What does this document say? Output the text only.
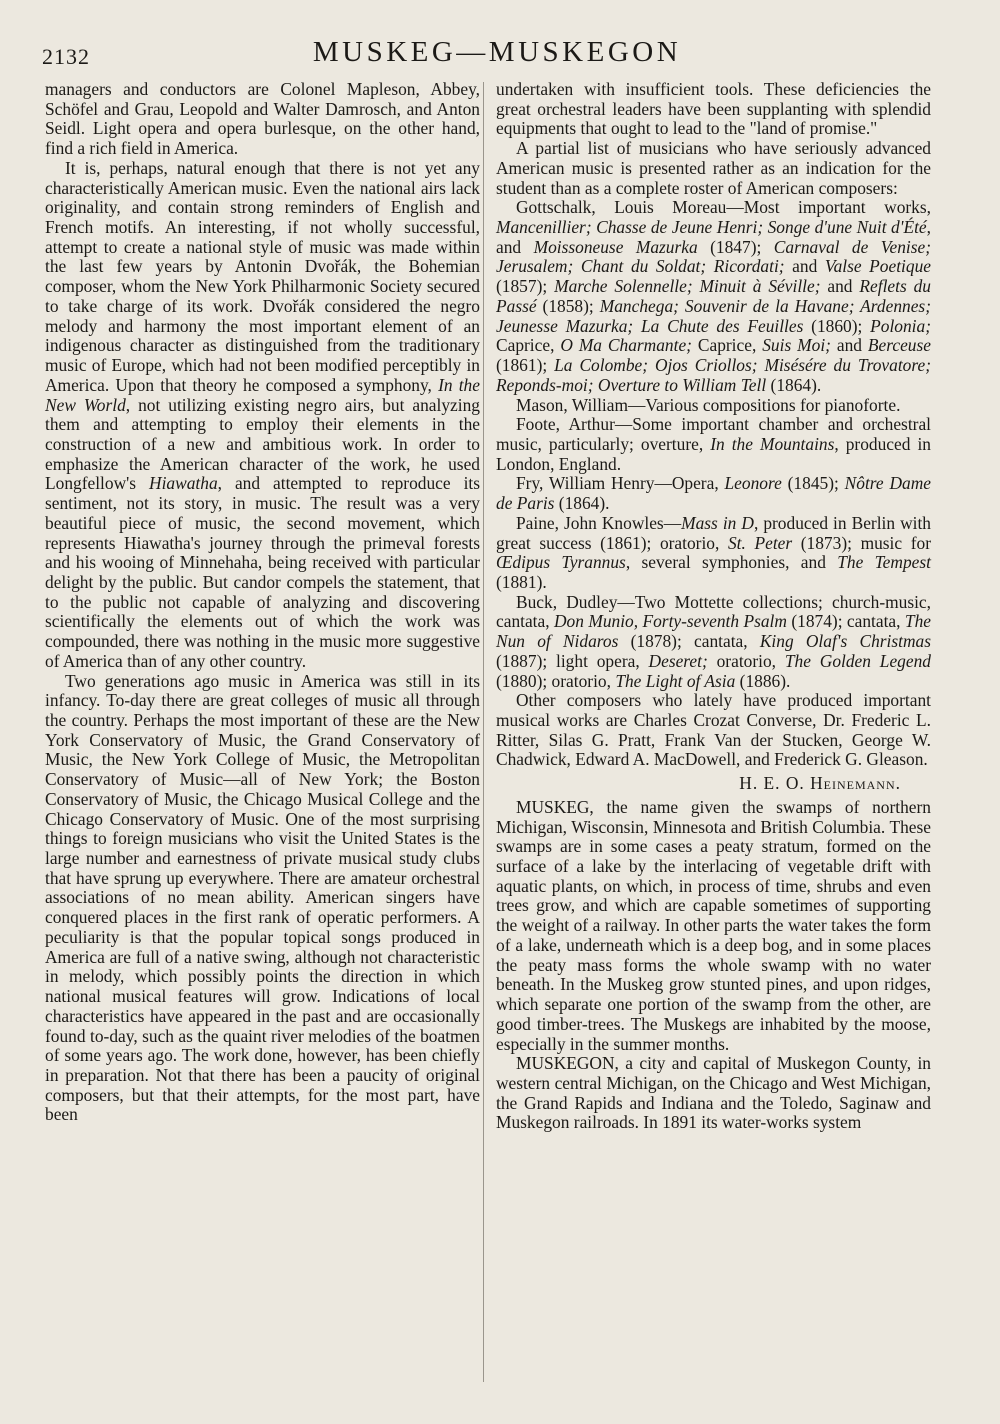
2132	MUSKEG—MUSKEGON

managers and conductors are Colonel Mapleson, Abbey, Schöfel and Grau, Leopold and Walter Damrosch, and Anton Seidl. Light opera and opera burlesque, on the other hand, find a rich field in America.

It is, perhaps, natural enough that there is not yet any characteristically American music. Even the national airs lack originality, and contain strong reminders of English and French motifs. An interesting, if not wholly successful, attempt to create a national style of music was made within the last few years by Antonin Dvořák, the Bohemian composer, whom the New York Philharmonic Society secured to take charge of its work. Dvořák considered the negro melody and harmony the most important element of an indigenous character as distinguished from the traditionary music of Europe, which had not been modified perceptibly in America. Upon that theory he composed a symphony, In the New World, not utilizing existing negro airs, but analyzing them and attempting to employ their elements in the construction of a new and ambitious work. In order to emphasize the American character of the work, he used Longfellow's Hiawatha, and attempted to reproduce its sentiment, not its story, in music. The result was a very beautiful piece of music, the second movement, which represents Hiawatha's journey through the primeval forests and his wooing of Minnehaha, being received with particular delight by the public. But candor compels the statement, that to the public not capable of analyzing and discovering scientifically the elements out of which the work was compounded, there was nothing in the music more suggestive of America than of any other country.

Two generations ago music in America was still in its infancy. To-day there are great colleges of music all through the country. Perhaps the most important of these are the New York Conservatory of Music, the Grand Conservatory of Music, the New York College of Music, the Metropolitan Conservatory of Music—all of New York; the Boston Conservatory of Music, the Chicago Musical College and the Chicago Conservatory of Music. One of the most surprising things to foreign musicians who visit the United States is the large number and earnestness of private musical study clubs that have sprung up everywhere. There are amateur orchestral associations of no mean ability. American singers have conquered places in the first rank of operatic performers. A peculiarity is that the popular topical songs produced in America are full of a native swing, although not characteristic in melody, which possibly points the direction in which national musical features will grow. Indications of local characteristics have appeared in the past and are occasionally found to-day, such as the quaint river melodies of the boatmen of some years ago. The work done, however, has been chiefly in preparation. Not that there has been a paucity of original composers, but that their attempts, for the most part, have been

undertaken with insufficient tools. These deficiencies the great orchestral leaders have been supplanting with splendid equipments that ought to lead to the "land of promise."

A partial list of musicians who have seriously advanced American music is presented rather as an indication for the student than as a complete roster of American composers:

Gottschalk, Louis Moreau—Most important works, Mancenillier; Chasse de Jeune Henri; Songe d'une Nuit d'Été, and Moissoneuse Mazurka (1847); Carnaval de Venise; Jerusalem; Chant du Soldat; Ricordati; and Valse Poetique (1857); Marche Solennelle; Minuit à Séville; and Reflets du Passé (1858); Manchega; Souvenir de la Havane; Ardennes; Jeunesse Mazurka; La Chute des Feuilles (1860); Polonia; Caprice, O Ma Charmante; Caprice, Suis Moi; and Berceuse (1861); La Colombe; Ojos Criollos; Misésére du Trovatore; Reponds-moi; Overture to William Tell (1864).

Mason, William—Various compositions for pianoforte.

Foote, Arthur—Some important chamber and orchestral music, particularly; overture, In the Mountains, produced in London, England.

Fry, William Henry—Opera, Leonore (1845); Nôtre Dame de Paris (1864).

Paine, John Knowles—Mass in D, produced in Berlin with great success (1861); oratorio, St. Peter (1873); music for Œdipus Tyrannus, several symphonies, and The Tempest (1881).

Buck, Dudley—Two Mottette collections; church-music, cantata, Don Munio, Forty-seventh Psalm (1874); cantata, The Nun of Nidaros (1878); cantata, King Olaf's Christmas (1887); light opera, Deseret; oratorio, The Golden Legend (1880); oratorio, The Light of Asia (1886).

Other composers who lately have produced important musical works are Charles Crozat Converse, Dr. Frederic L. Ritter, Silas G. Pratt, Frank Van der Stucken, George W. Chadwick, Edward A. MacDowell, and Frederick G. Gleason.

H. E. O. Heinemann.

MUSKEG, the name given the swamps of northern Michigan, Wisconsin, Minnesota and British Columbia. These swamps are in some cases a peaty stratum, formed on the surface of a lake by the interlacing of vegetable drift with aquatic plants, on which, in process of time, shrubs and even trees grow, and which are capable sometimes of supporting the weight of a railway. In other parts the water takes the form of a lake, underneath which is a deep bog, and in some places the peaty mass forms the whole swamp with no water beneath. In the Muskeg grow stunted pines, and upon ridges, which separate one portion of the swamp from the other, are good timber-trees. The Muskegs are inhabited by the moose, especially in the summer months.

MUSKEGON, a city and capital of Muskegon County, in western central Michigan, on the Chicago and West Michigan, the Grand Rapids and Indiana and the Toledo, Saginaw and Muskegon railroads. In 1891 its water-works system
